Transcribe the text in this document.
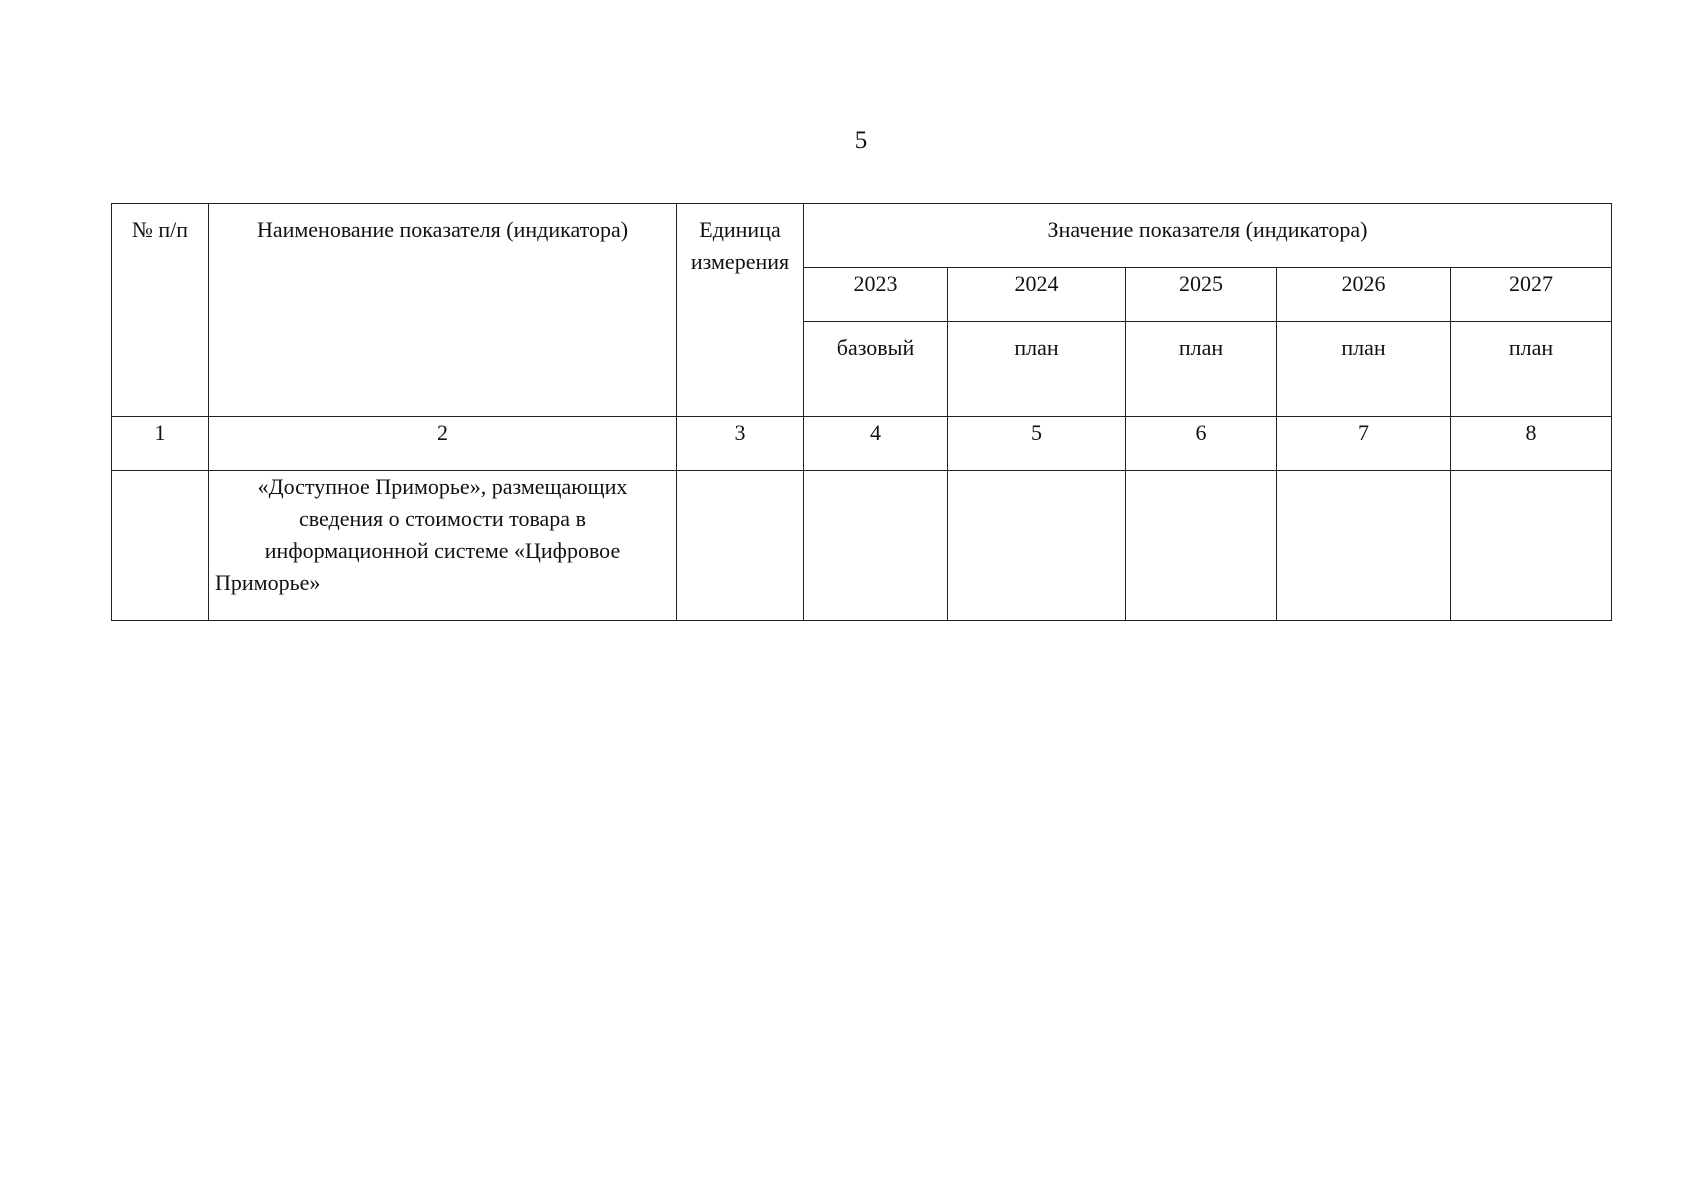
5
№ п/п	Наименование показателя (индикатора)	Единица измерения	Значение показателя (индикатора)				
			2023	2024	2025	2026	2027
			базовый	план	план	план	план
1	2	3	4	5	6	7	8
	«Доступное Приморье», размещающих сведения о стоимости товара в информационной системе «Цифровое Приморье»						
